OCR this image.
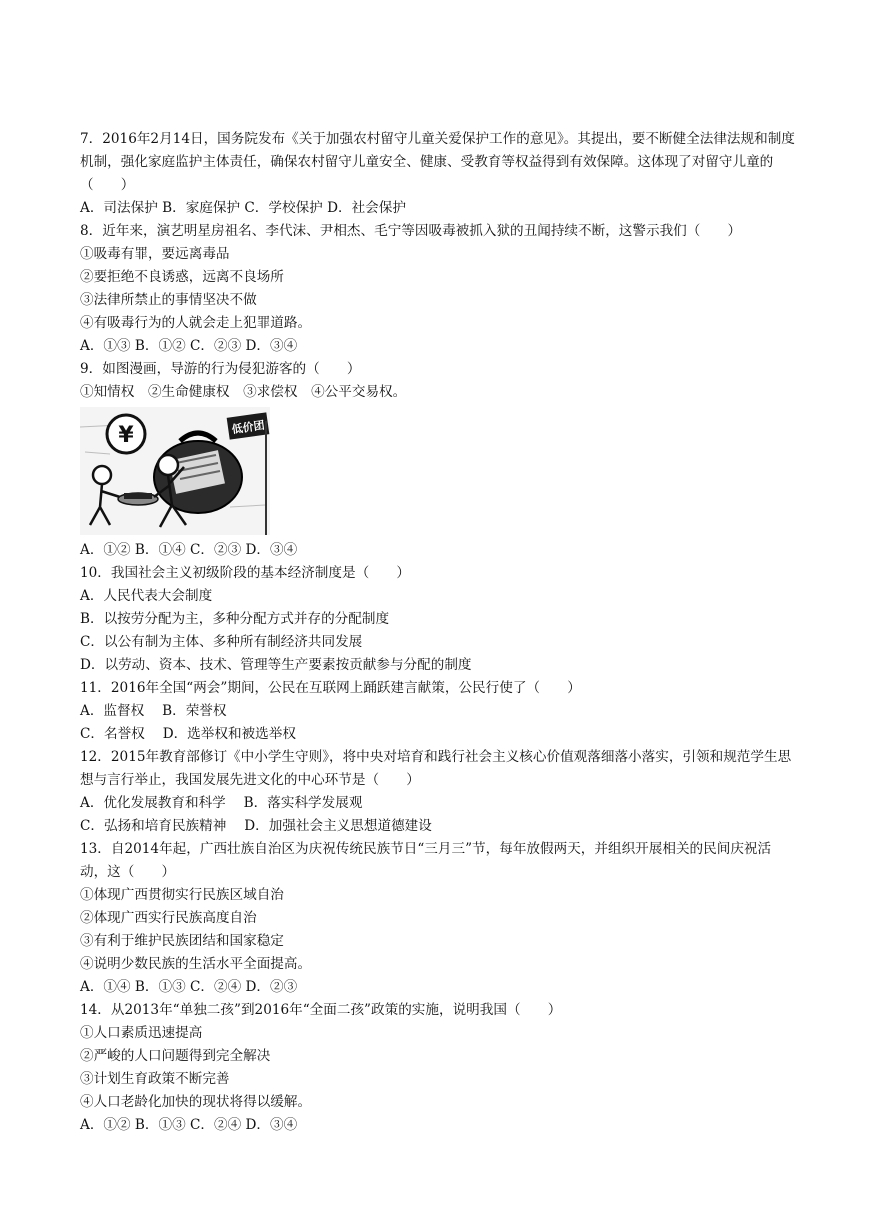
7．2016年2月14日，国务院发布《关于加强农村留守儿童关爱保护工作的意见》。其提出，要不断健全法律法规和制度机制，强化家庭监护主体责任，确保农村留守儿童安全、健康、受教育等权益得到有效保障。这体现了对留守儿童的（　　）
A．司法保护 B．家庭保护 C．学校保护 D．社会保护
8．近年来，演艺明星房祖名、李代沫、尹相杰、毛宁等因吸毒被抓入狱的丑闻持续不断，这警示我们（　　）
①吸毒有罪，要远离毒品
②要拒绝不良诱惑，远离不良场所
③法律所禁止的事情坚决不做
④有吸毒行为的人就会走上犯罪道路。
A．①③ B．①② C．②③ D．③④
9．如图漫画，导游的行为侵犯游客的（　　）
①知情权　②生命健康权　③求偿权　④公平交易权。
¥	低价团
A．①② B．①④ C．②③ D．③④
10．我国社会主义初级阶段的基本经济制度是（　　）
A．人民代表大会制度
B．以按劳分配为主，多种分配方式并存的分配制度
C．以公有制为主体、多种所有制经济共同发展
D．以劳动、资本、技术、管理等生产要素按贡献参与分配的制度
11．2016年全国“两会”期间，公民在互联网上踊跃建言献策，公民行使了（　　）
A．监督权　 B．荣誉权
C．名誉权　 D．选举权和被选举权
12．2015年教育部修订《中小学生守则》，将中央对培育和践行社会主义核心价值观落细落小落实，引领和规范学生思想与言行举止，我国发展先进文化的中心环节是（　　）
A．优化发展教育和科学　 B．落实科学发展观
C．弘扬和培育民族精神　 D．加强社会主义思想道德建设
13．自2014年起，广西壮族自治区为庆祝传统民族节日“三月三”节，每年放假两天，并组织开展相关的民间庆祝活动，这（　　）
①体现广西贯彻实行民族区域自治
②体现广西实行民族高度自治
③有利于维护民族团结和国家稳定
④说明少数民族的生活水平全面提高。
A．①④ B．①③ C．②④ D．②③
14．从2013年“单独二孩”到2016年“全面二孩”政策的实施，说明我国（　　）
①人口素质迅速提高
②严峻的人口问题得到完全解决
③计划生育政策不断完善
④人口老龄化加快的现状将得以缓解。
A．①② B．①③ C．②④ D．③④
